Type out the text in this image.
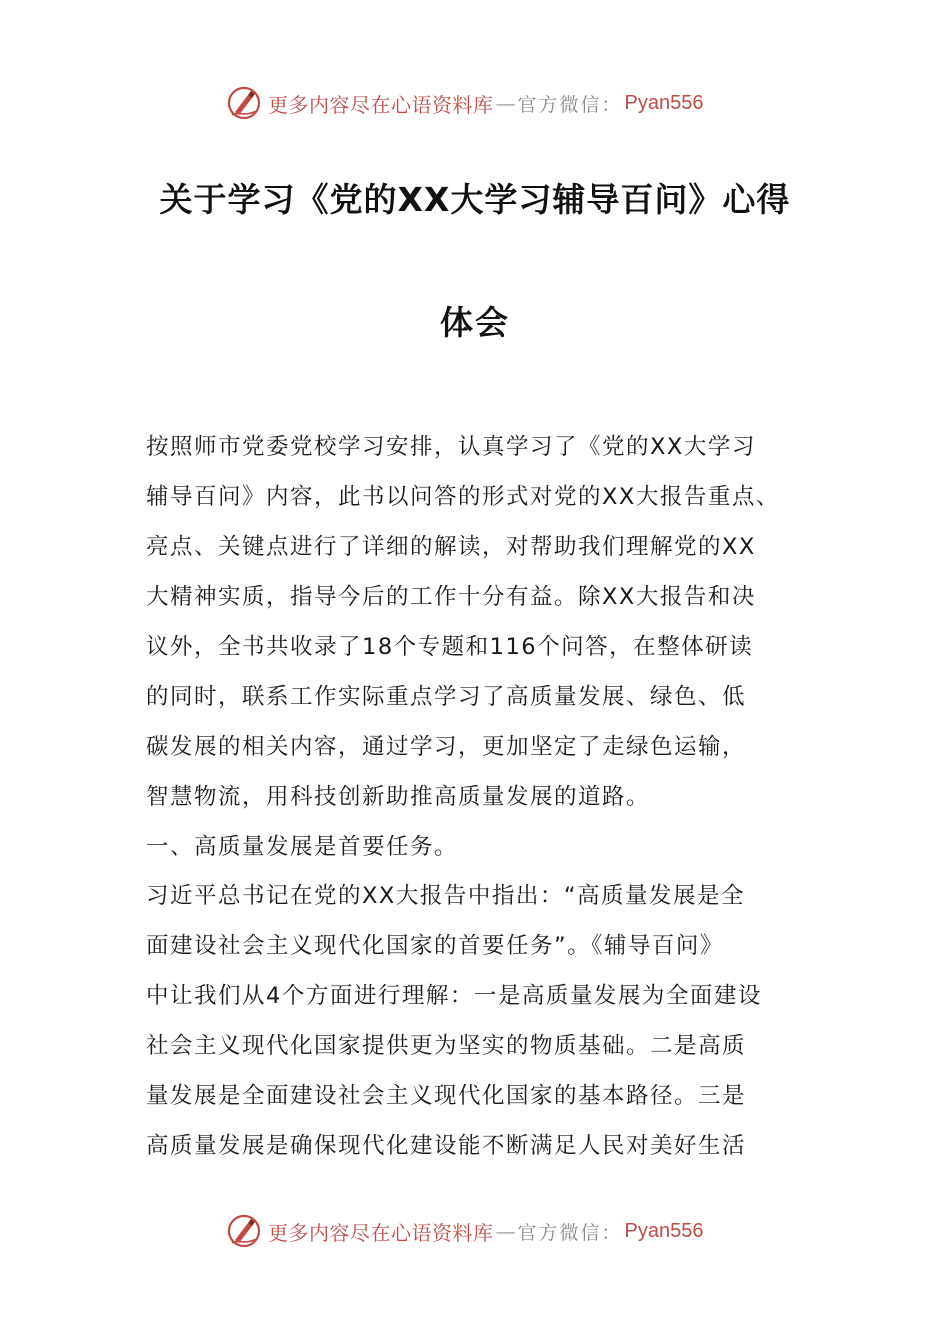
更多内容尽在心语资料库 — 官方微信： Pyan556
关于学习《党的XX大学习辅导百问》心得
体会
按照师市党委党校学习安排，认真学习了《党的XX大学习
辅导百问》内容，此书以问答的形式对党的XX大报告重点、
亮点、关键点进行了详细的解读，对帮助我们理解党的XX
大精神实质，指导今后的工作十分有益。除XX大报告和决
议外，全书共收录了18个专题和116个问答，在整体研读
的同时，联系工作实际重点学习了高质量发展、绿色、低
碳发展的相关内容，通过学习，更加坚定了走绿色运输，
智慧物流，用科技创新助推高质量发展的道路。
一、高质量发展是首要任务。
习近平总书记在党的XX大报告中指出：“高质量发展是全
面建设社会主义现代化国家的首要任务”。《辅导百问》
中让我们从4个方面进行理解：一是高质量发展为全面建设
社会主义现代化国家提供更为坚实的物质基础。二是高质
量发展是全面建设社会主义现代化国家的基本路径。三是
高质量发展是确保现代化建设能不断满足人民对美好生活
更多内容尽在心语资料库 — 官方微信： Pyan556
